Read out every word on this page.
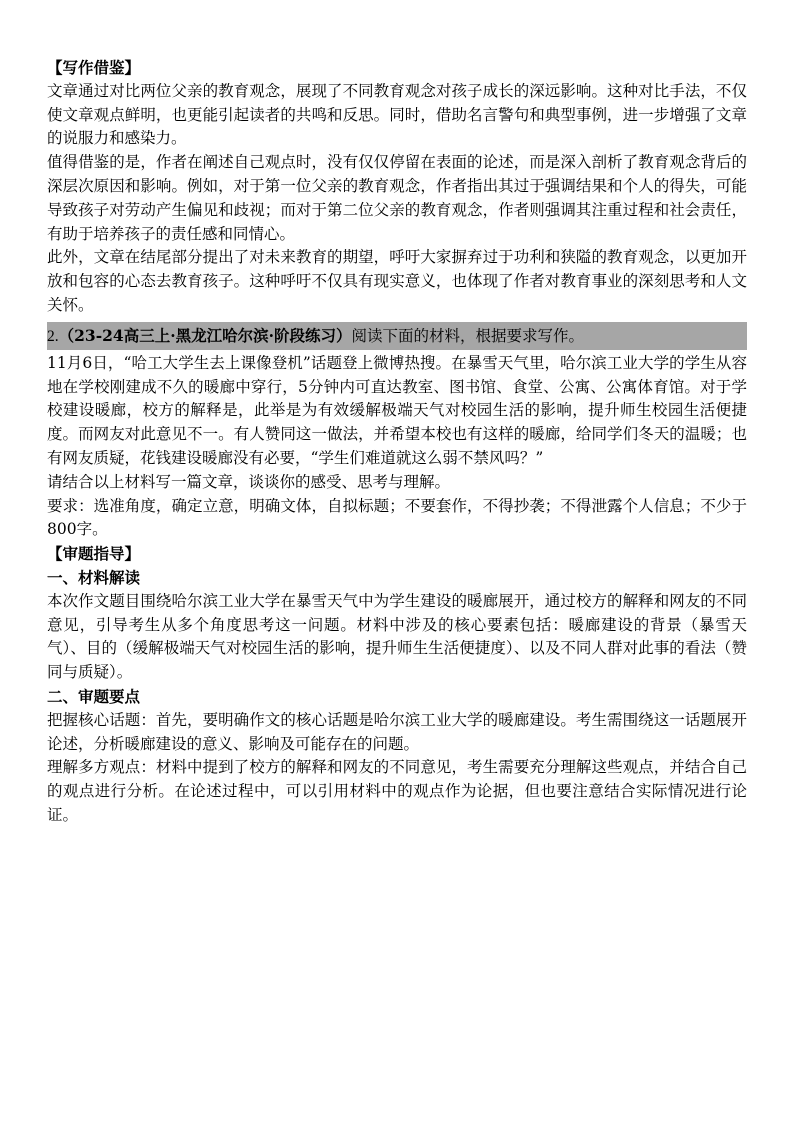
【写作借鉴】

文章通过对比两位父亲的教育观念，展现了不同教育观念对孩子成长的深远影响。这种对比手法，不仅使文章观点鲜明，也更能引起读者的共鸣和反思。同时，借助名言警句和典型事例，进一步增强了文章的说服力和感染力。

值得借鉴的是，作者在阐述自己观点时，没有仅仅停留在表面的论述，而是深入剖析了教育观念背后的深层次原因和影响。例如，对于第一位父亲的教育观念，作者指出其过于强调结果和个人的得失，可能导致孩子对劳动产生偏见和歧视；而对于第二位父亲的教育观念，作者则强调其注重过程和社会责任，有助于培养孩子的责任感和同情心。

此外，文章在结尾部分提出了对未来教育的期望，呼吁大家摒弃过于功利和狭隘的教育观念，以更加开放和包容的心态去教育孩子。这种呼吁不仅具有现实意义，也体现了作者对教育事业的深刻思考和人文关怀。

2.（23-24高三上·黑龙江哈尔滨·阶段练习）阅读下面的材料，根据要求写作。

11月6日，“哈工大学生去上课像登机”话题登上微博热搜。在暴雪天气里，哈尔滨工业大学的学生从容地在学校刚建成不久的暖廊中穿行，5分钟内可直达教室、图书馆、食堂、公寓、公寓体育馆。对于学校建设暖廊，校方的解释是，此举是为有效缓解极端天气对校园生活的影响，提升师生校园生活便捷度。而网友对此意见不一。有人赞同这一做法，并希望本校也有这样的暖廊，给同学们冬天的温暖；也有网友质疑，花钱建设暖廊没有必要，“学生们难道就这么弱不禁风吗？”

请结合以上材料写一篇文章，谈谈你的感受、思考与理解。

要求：选准角度，确定立意，明确文体，自拟标题；不要套作，不得抄袭；不得泄露个人信息；不少于800字。

【审题指导】
一、材料解读

本次作文题目围绕哈尔滨工业大学在暴雪天气中为学生建设的暖廊展开，通过校方的解释和网友的不同意见，引导考生从多个角度思考这一问题。材料中涉及的核心要素包括：暖廊建设的背景（暴雪天气）、目的（缓解极端天气对校园生活的影响，提升师生生活便捷度）、以及不同人群对此事的看法（赞同与质疑）。

二、审题要点

把握核心话题：首先，要明确作文的核心话题是哈尔滨工业大学的暖廊建设。考生需围绕这一话题展开论述，分析暖廊建设的意义、影响及可能存在的问题。

理解多方观点：材料中提到了校方的解释和网友的不同意见，考生需要充分理解这些观点，并结合自己的观点进行分析。在论述过程中，可以引用材料中的观点作为论据，但也要注意结合实际情况进行论证。
